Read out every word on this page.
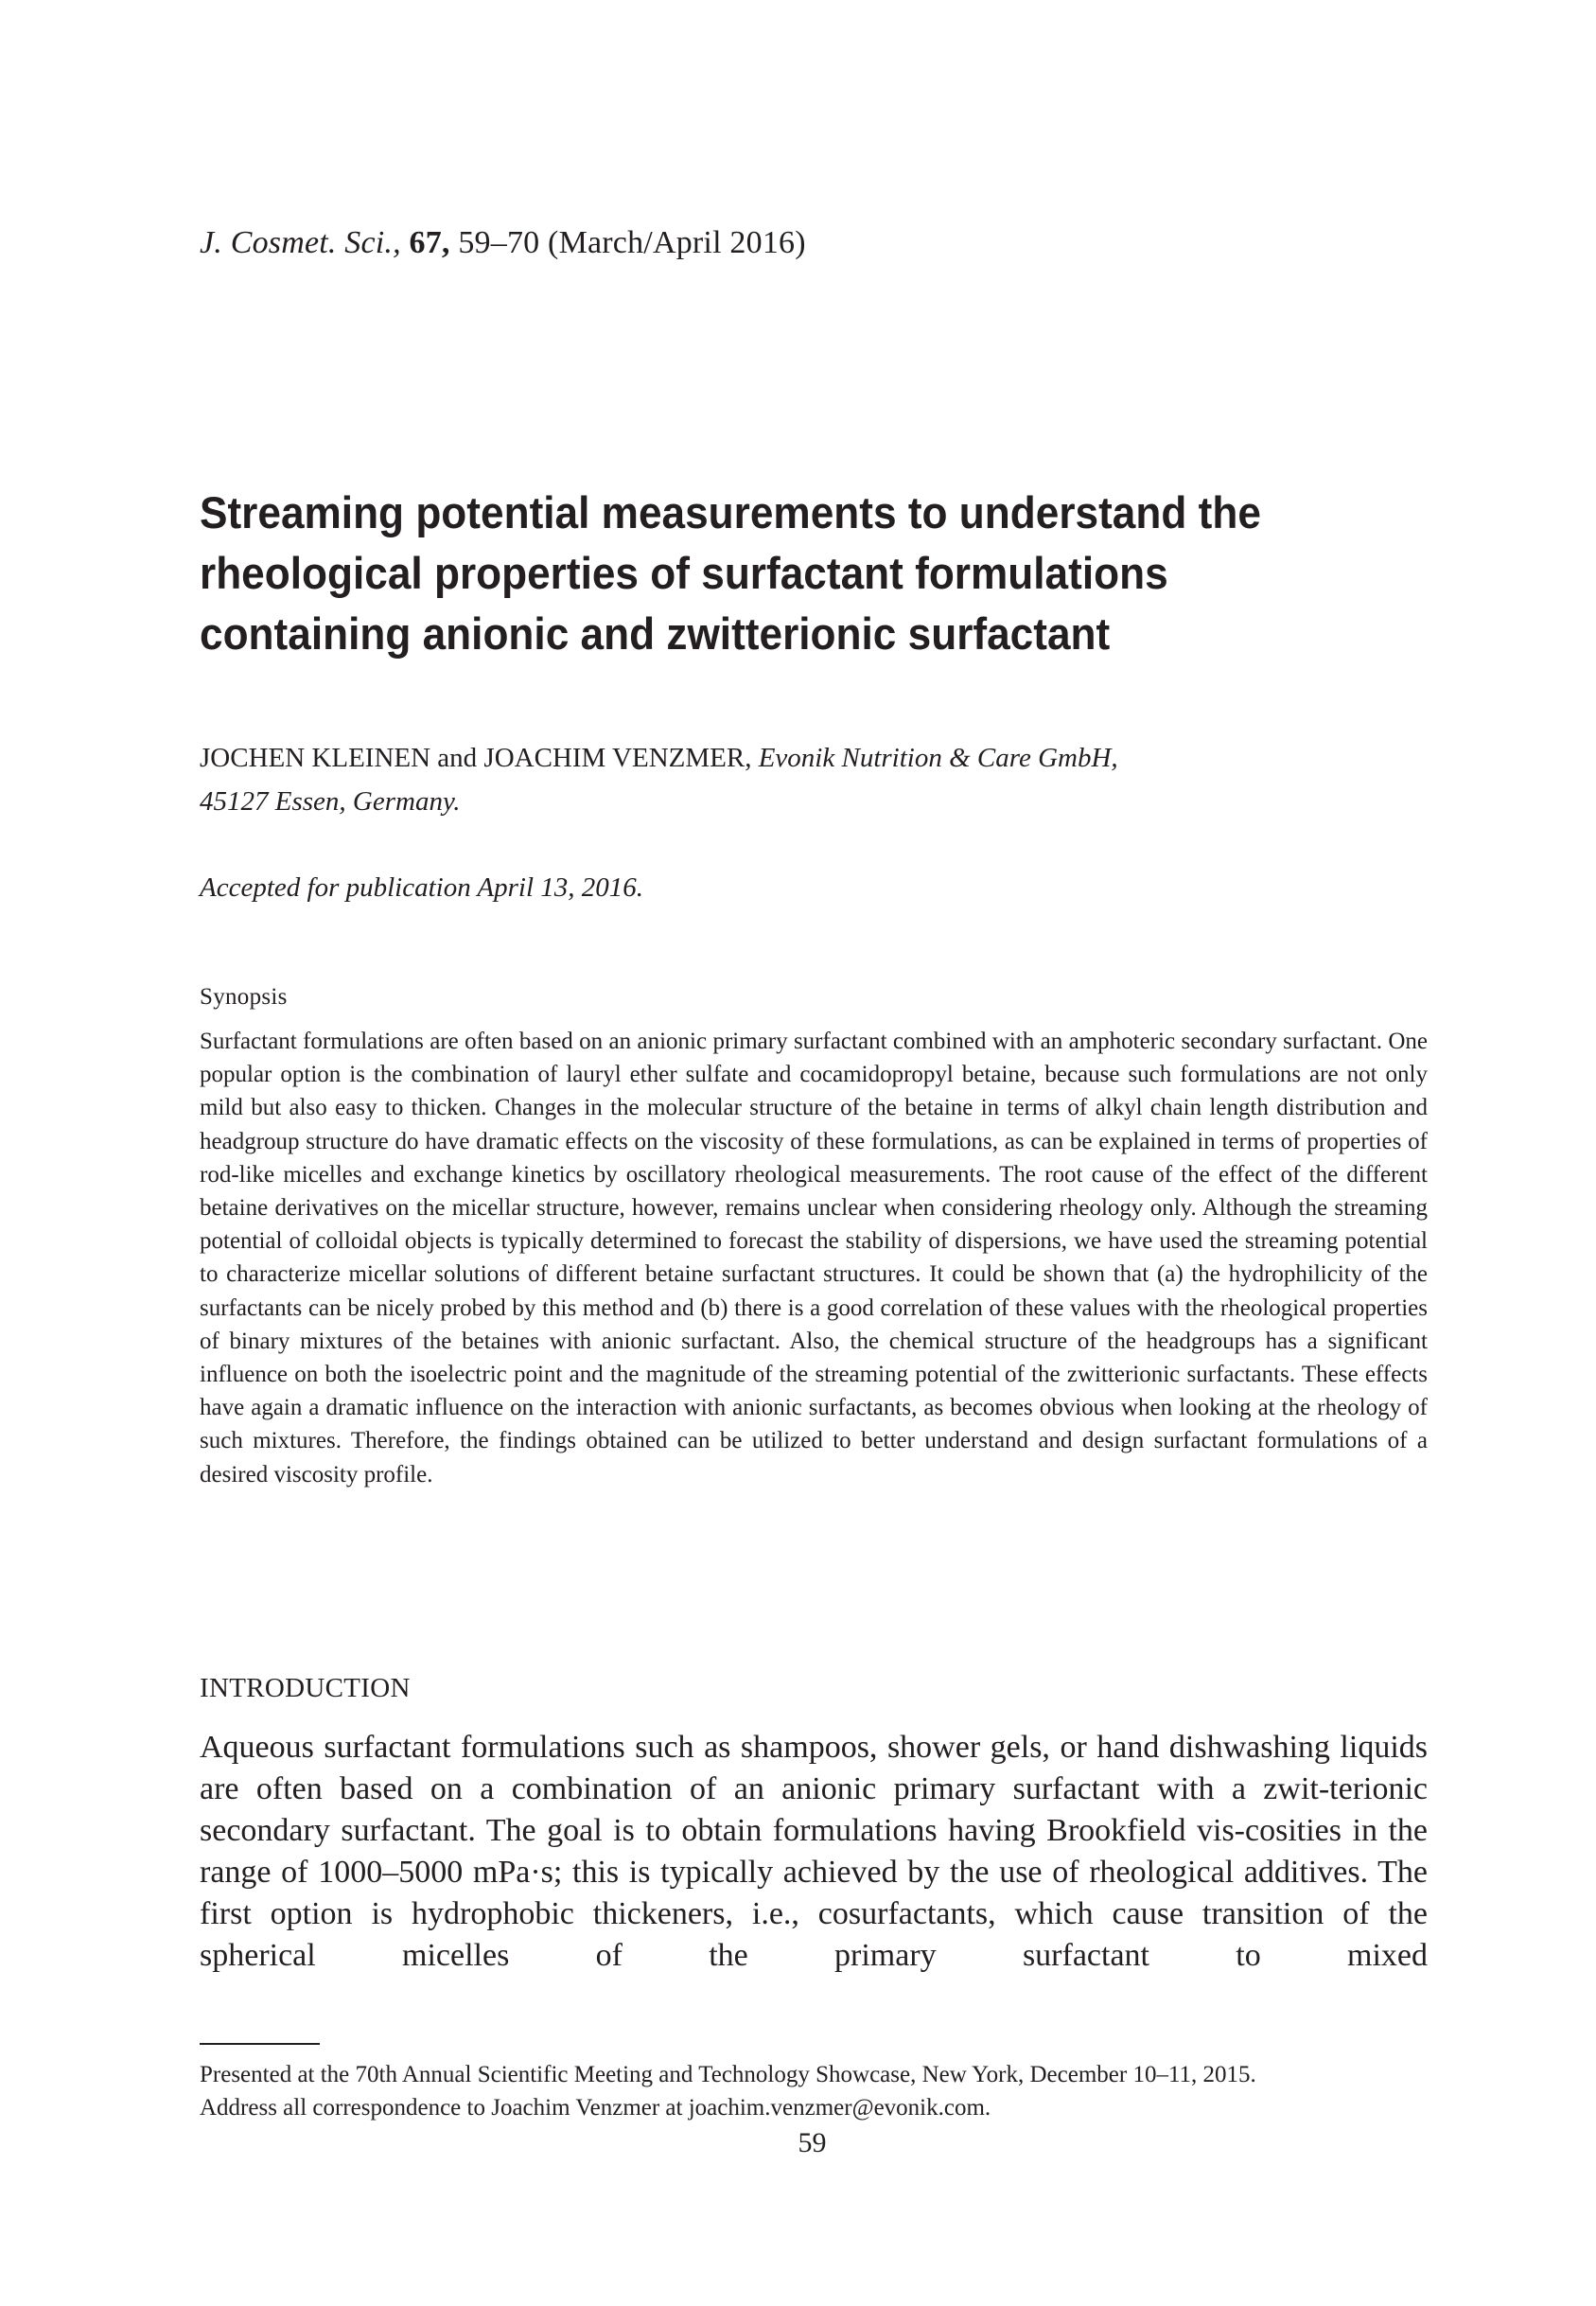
J. Cosmet. Sci., 67, 59–70 (March/April 2016)
Streaming potential measurements to understand the rheological properties of surfactant formulations containing anionic and zwitterionic surfactant
JOCHEN KLEINEN and JOACHIM VENZMER, Evonik Nutrition & Care GmbH, 45127 Essen, Germany.
Accepted for publication April 13, 2016.
Synopsis

Surfactant formulations are often based on an anionic primary surfactant combined with an amphoteric secondary surfactant. One popular option is the combination of lauryl ether sulfate and cocamidopropyl betaine, because such formulations are not only mild but also easy to thicken. Changes in the molecular structure of the betaine in terms of alkyl chain length distribution and headgroup structure do have dramatic effects on the viscosity of these formulations, as can be explained in terms of properties of rod-like micelles and exchange kinetics by oscillatory rheological measurements. The root cause of the effect of the different betaine derivatives on the micellar structure, however, remains unclear when considering rheology only. Although the streaming potential of colloidal objects is typically determined to forecast the stability of dispersions, we have used the streaming potential to characterize micellar solutions of different betaine surfactant structures. It could be shown that (a) the hydrophilicity of the surfactants can be nicely probed by this method and (b) there is a good correlation of these values with the rheological properties of binary mixtures of the betaines with anionic surfactant. Also, the chemical structure of the headgroups has a significant influence on both the isoelectric point and the magnitude of the streaming potential of the zwitterionic surfactants. These effects have again a dramatic influence on the interaction with anionic surfactants, as becomes obvious when looking at the rheology of such mixtures. Therefore, the findings obtained can be utilized to better understand and design surfactant formulations of a desired viscosity profile.

INTRODUCTION

Aqueous surfactant formulations such as shampoos, shower gels, or hand dishwashing liquids are often based on a combination of an anionic primary surfactant with a zwit-terionic secondary surfactant. The goal is to obtain formulations having Brookfield vis-cosities in the range of 1000–5000 mPa·s; this is typically achieved by the use of rheological additives. The first option is hydrophobic thickeners, i.e., cosurfactants, which cause transition of the spherical micelles of the primary surfactant to mixed

Presented at the 70th Annual Scientific Meeting and Technology Showcase, New York, December 10–11, 2015.

Address all correspondence to Joachim Venzmer at joachim.venzmer@evonik.com.

59
